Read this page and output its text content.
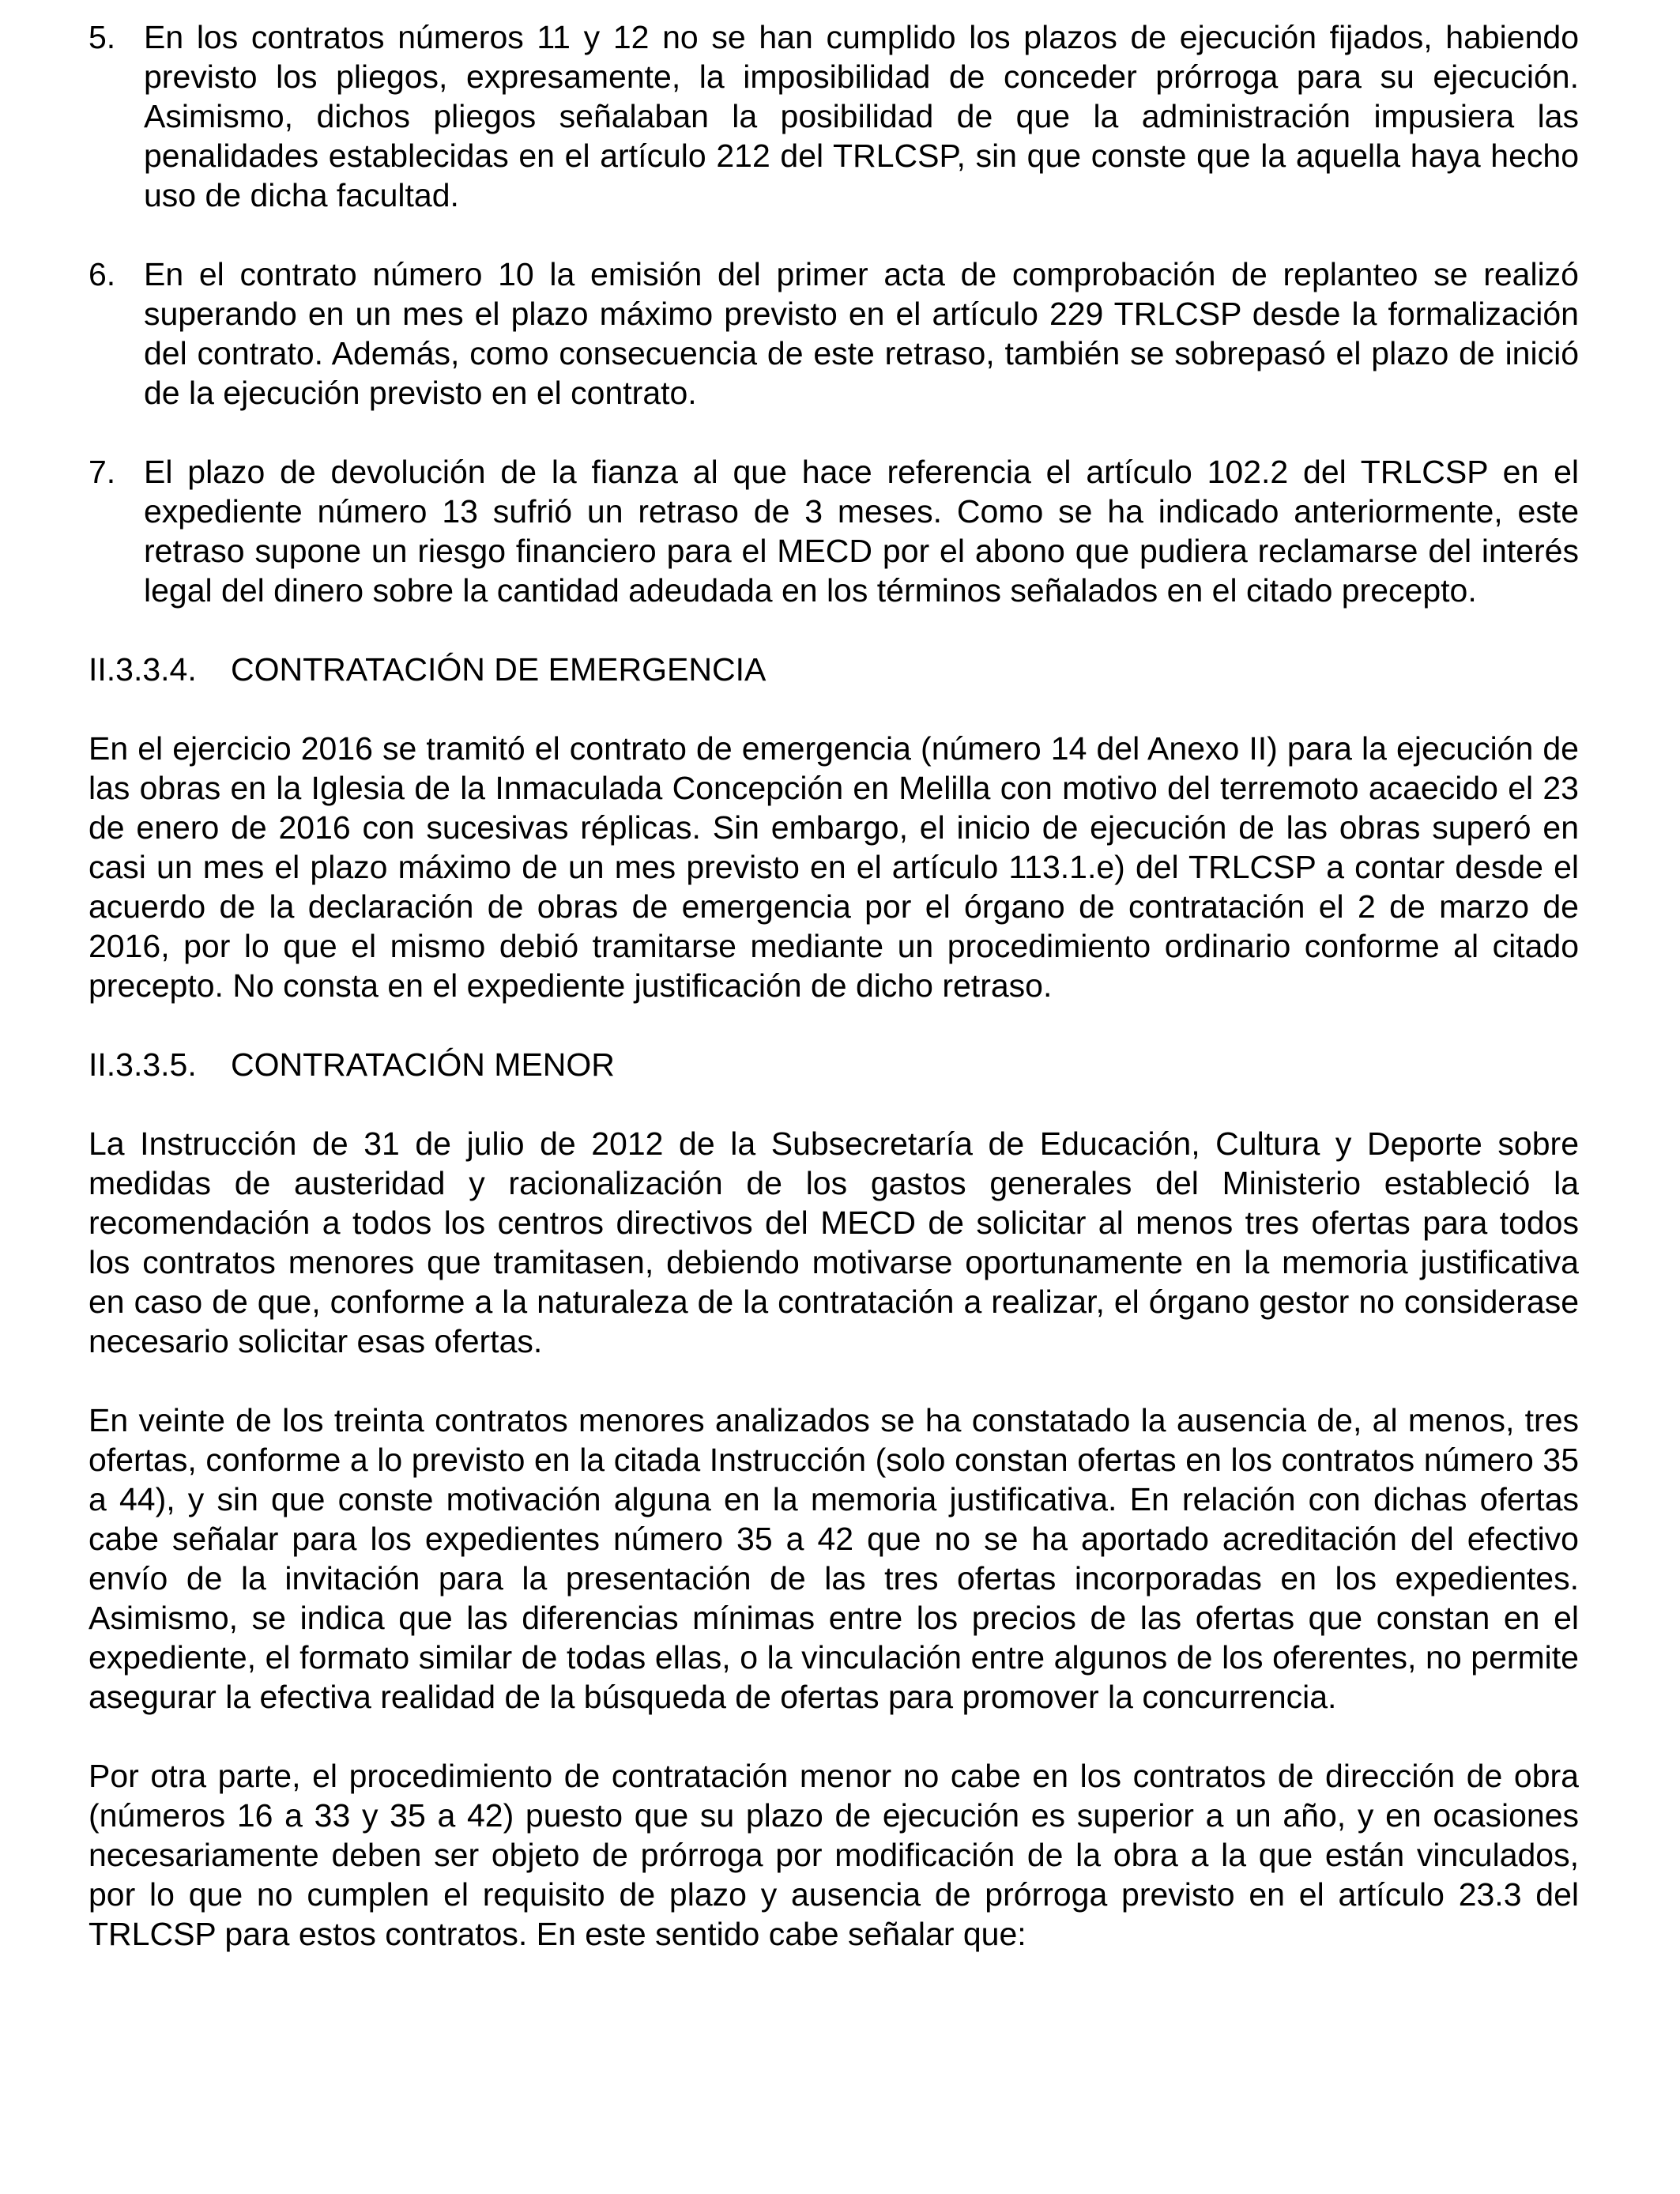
5. En los contratos números 11 y 12 no se han cumplido los plazos de ejecución fijados, habiendo previsto los pliegos, expresamente, la imposibilidad de conceder prórroga para su ejecución. Asimismo, dichos pliegos señalaban la posibilidad de que la administración impusiera las penalidades establecidas en el artículo 212 del TRLCSP, sin que conste que la aquella haya hecho uso de dicha facultad.
6. En el contrato número 10 la emisión del primer acta de comprobación de replanteo se realizó superando en un mes el plazo máximo previsto en el artículo 229 TRLCSP desde la formalización del contrato. Además, como consecuencia de este retraso, también se sobrepasó el plazo de inició de la ejecución previsto en el contrato.
7. El plazo de devolución de la fianza al que hace referencia el artículo 102.2 del TRLCSP en el expediente número 13 sufrió un retraso de 3 meses. Como se ha indicado anteriormente, este retraso supone un riesgo financiero para el MECD por el abono que pudiera reclamarse del interés legal del dinero sobre la cantidad adeudada en los términos señalados en el citado precepto.
II.3.3.4. CONTRATACIÓN DE EMERGENCIA

En el ejercicio 2016 se tramitó el contrato de emergencia (número 14 del Anexo II) para la ejecución de las obras en la Iglesia de la Inmaculada Concepción en Melilla con motivo del terremoto acaecido el 23 de enero de 2016 con sucesivas réplicas. Sin embargo, el inicio de ejecución de las obras superó en casi un mes el plazo máximo de un mes previsto en el artículo 113.1.e) del TRLCSP a contar desde el acuerdo de la declaración de obras de emergencia por el órgano de contratación el 2 de marzo de 2016, por lo que el mismo debió tramitarse mediante un procedimiento ordinario conforme al citado precepto. No consta en el expediente justificación de dicho retraso.

II.3.3.5. CONTRATACIÓN MENOR

La Instrucción de 31 de julio de 2012 de la Subsecretaría de Educación, Cultura y Deporte sobre medidas de austeridad y racionalización de los gastos generales del Ministerio estableció la recomendación a todos los centros directivos del MECD de solicitar al menos tres ofertas para todos los contratos menores que tramitasen, debiendo motivarse oportunamente en la memoria justificativa en caso de que, conforme a la naturaleza de la contratación a realizar, el órgano gestor no considerase necesario solicitar esas ofertas.

En veinte de los treinta contratos menores analizados se ha constatado la ausencia de, al menos, tres ofertas, conforme a lo previsto en la citada Instrucción (solo constan ofertas en los contratos número 35 a 44), y sin que conste motivación alguna en la memoria justificativa. En relación con dichas ofertas cabe señalar para los expedientes número 35 a 42 que no se ha aportado acreditación del efectivo envío de la invitación para la presentación de las tres ofertas incorporadas en los expedientes. Asimismo, se indica que las diferencias mínimas entre los precios de las ofertas que constan en el expediente, el formato similar de todas ellas, o la vinculación entre algunos de los oferentes, no permite asegurar la efectiva realidad de la búsqueda de ofertas para promover la concurrencia.

Por otra parte, el procedimiento de contratación menor no cabe en los contratos de dirección de obra (números 16 a 33 y 35 a 42) puesto que su plazo de ejecución es superior a un año, y en ocasiones necesariamente deben ser objeto de prórroga por modificación de la obra a la que están vinculados, por lo que no cumplen el requisito de plazo y ausencia de prórroga previsto en el artículo 23.3 del TRLCSP para estos contratos. En este sentido cabe señalar que:
